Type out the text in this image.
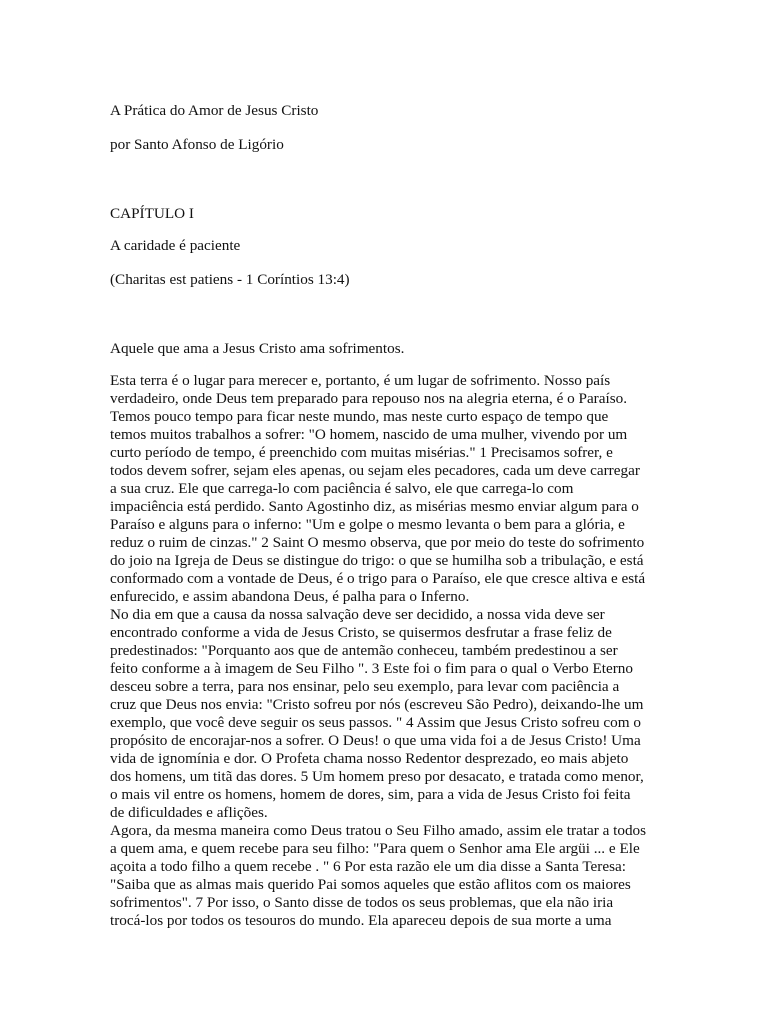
A Prática do Amor de Jesus Cristo
por Santo Afonso de Ligório
CAPÍTULO I
A caridade é paciente
(Charitas est patiens - 1 Coríntios 13:4)
Aquele que ama a Jesus Cristo ama sofrimentos.
Esta terra é o lugar para merecer e, portanto, é um lugar de sofrimento. Nosso país
verdadeiro, onde Deus tem preparado para repouso nos na alegria eterna, é o Paraíso.
Temos pouco tempo para ficar neste mundo, mas neste curto espaço de tempo que
temos muitos trabalhos a sofrer: "O homem, nascido de uma mulher, vivendo por um
curto período de tempo, é preenchido com muitas misérias." 1 Precisamos sofrer, e
todos devem sofrer, sejam eles apenas, ou sejam eles pecadores, cada um deve carregar
a sua cruz. Ele que carrega-lo com paciência é salvo, ele que carrega-lo com
impaciência está perdido. Santo Agostinho diz, as misérias mesmo enviar algum para o
Paraíso e alguns para o inferno: "Um e golpe o mesmo levanta o bem para a glória, e
reduz o ruim de cinzas." 2 Saint O mesmo observa, que por meio do teste do sofrimento
do joio na Igreja de Deus se distingue do trigo: o que se humilha sob a tribulação, e está
conformado com a vontade de Deus, é o trigo para o Paraíso, ele que cresce altiva e está
enfurecido, e assim abandona Deus, é palha para o Inferno.
No dia em que a causa da nossa salvação deve ser decidido, a nossa vida deve ser
encontrado conforme a vida de Jesus Cristo, se quisermos desfrutar a frase feliz de
predestinados: "Porquanto aos que de antemão conheceu, também predestinou a ser
feito conforme a à imagem de Seu Filho ". 3 Este foi o fim para o qual o Verbo Eterno
desceu sobre a terra, para nos ensinar, pelo seu exemplo, para levar com paciência a
cruz que Deus nos envia: "Cristo sofreu por nós (escreveu São Pedro), deixando-lhe um
exemplo, que você deve seguir os seus passos. " 4 Assim que Jesus Cristo sofreu com o
propósito de encorajar-nos a sofrer. O Deus! o que uma vida foi a de Jesus Cristo! Uma
vida de ignomínia e dor. O Profeta chama nosso Redentor desprezado, eo mais abjeto
dos homens, um titã das dores. 5 Um homem preso por desacato, e tratada como menor,
o mais vil entre os homens, homem de dores, sim, para a vida de Jesus Cristo foi feita
de dificuldades e aflições.
Agora, da mesma maneira como Deus tratou o Seu Filho amado, assim ele tratar a todos
a quem ama, e quem recebe para seu filho: "Para quem o Senhor ama Ele argüi ... e Ele
açoita a todo filho a quem recebe . " 6 Por esta razão ele um dia disse a Santa Teresa:
"Saiba que as almas mais querido Pai somos aqueles que estão aflitos com os maiores
sofrimentos". 7 Por isso, o Santo disse de todos os seus problemas, que ela não iria
trocá-los por todos os tesouros do mundo. Ela apareceu depois de sua morte a uma
